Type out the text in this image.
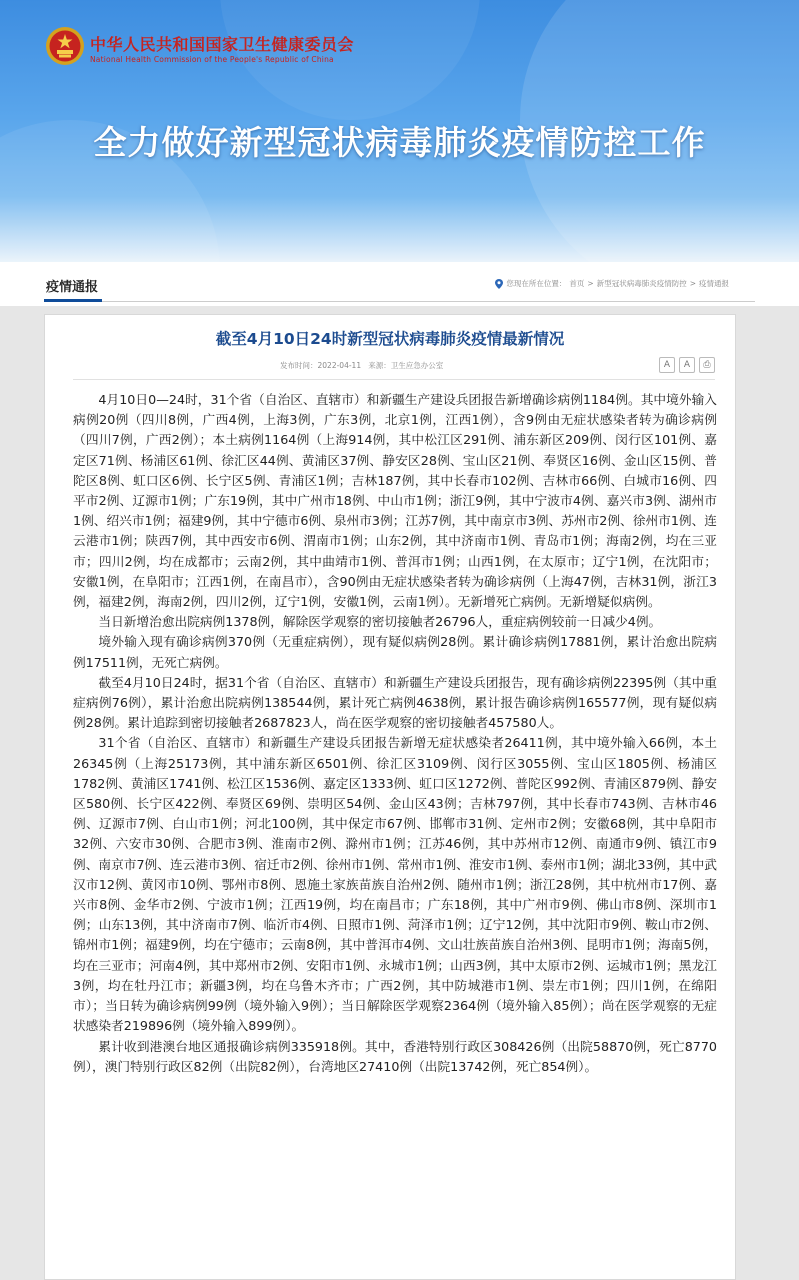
中华人民共和国国家卫生健康委员会
National Health Commission of the People's Republic of China
全力做好新型冠状病毒肺炎疫情防控工作
疫情通报	您现在所在位置： 首页 > 新型冠状病毒肺炎疫情防控 > 疫情通报
截至4月10日24时新型冠状病毒肺炎疫情最新情况
发布时间：2022-04-11 来源：卫生应急办公室	A	A	⎙

4月10日0—24时，31个省（自治区、直辖市）和新疆生产建设兵团报告新增确诊病例1184例。其中境外输入病例20例（四川8例，广西4例，上海3例，广东3例，北京1例，江西1例），含9例由无症状感染者转为确诊病例（四川7例，广西2例）；本土病例1164例（上海914例，其中松江区291例、浦东新区209例、闵行区101例、嘉定区71例、杨浦区61例、徐汇区44例、黄浦区37例、静安区28例、宝山区21例、奉贤区16例、金山区15例、普陀区8例、虹口区6例、长宁区5例、青浦区1例；吉林187例，其中长春市102例、吉林市66例、白城市16例、四平市2例、辽源市1例；广东19例，其中广州市18例、中山市1例；浙江9例，其中宁波市4例、嘉兴市3例、湖州市1例、绍兴市1例；福建9例，其中宁德市6例、泉州市3例；江苏7例，其中南京市3例、苏州市2例、徐州市1例、连云港市1例；陕西7例，其中西安市6例、渭南市1例；山东2例，其中济南市1例、青岛市1例；海南2例，均在三亚市；四川2例，均在成都市；云南2例，其中曲靖市1例、普洱市1例；山西1例，在太原市；辽宁1例，在沈阳市；安徽1例，在阜阳市；江西1例，在南昌市），含90例由无症状感染者转为确诊病例（上海47例，吉林31例，浙江3例，福建2例，海南2例，四川2例，辽宁1例，安徽1例，云南1例）。无新增死亡病例。无新增疑似病例。

当日新增治愈出院病例1378例，解除医学观察的密切接触者26796人，重症病例较前一日减少4例。

境外输入现有确诊病例370例（无重症病例），现有疑似病例28例。累计确诊病例17881例，累计治愈出院病例17511例，无死亡病例。

截至4月10日24时，据31个省（自治区、直辖市）和新疆生产建设兵团报告，现有确诊病例22395例（其中重症病例76例），累计治愈出院病例138544例，累计死亡病例4638例，累计报告确诊病例165577例，现有疑似病例28例。累计追踪到密切接触者2687823人，尚在医学观察的密切接触者457580人。

31个省（自治区、直辖市）和新疆生产建设兵团报告新增无症状感染者26411例，其中境外输入66例，本土26345例（上海25173例，其中浦东新区6501例、徐汇区3109例、闵行区3055例、宝山区1805例、杨浦区1782例、黄浦区1741例、松江区1536例、嘉定区1333例、虹口区1272例、普陀区992例、青浦区879例、静安区580例、长宁区422例、奉贤区69例、崇明区54例、金山区43例；吉林797例，其中长春市743例、吉林市46例、辽源市7例、白山市1例；河北100例，其中保定市67例、邯郸市31例、定州市2例；安徽68例，其中阜阳市32例、六安市30例、合肥市3例、淮南市2例、滁州市1例；江苏46例，其中苏州市12例、南通市9例、镇江市9例、南京市7例、连云港市3例、宿迁市2例、徐州市1例、常州市1例、淮安市1例、泰州市1例；湖北33例，其中武汉市12例、黄冈市10例、鄂州市8例、恩施土家族苗族自治州2例、随州市1例；浙江28例，其中杭州市17例、嘉兴市8例、金华市2例、宁波市1例；江西19例，均在南昌市；广东18例，其中广州市9例、佛山市8例、深圳市1例；山东13例，其中济南市7例、临沂市4例、日照市1例、菏泽市1例；辽宁12例，其中沈阳市9例、鞍山市2例、锦州市1例；福建9例，均在宁德市；云南8例，其中普洱市4例、文山壮族苗族自治州3例、昆明市1例；海南5例，均在三亚市；河南4例，其中郑州市2例、安阳市1例、永城市1例；山西3例，其中太原市2例、运城市1例；黑龙江3例，均在牡丹江市；新疆3例，均在乌鲁木齐市；广西2例，其中防城港市1例、崇左市1例；四川1例，在绵阳市）；当日转为确诊病例99例（境外输入9例）；当日解除医学观察2364例（境外输入85例）；尚在医学观察的无症状感染者219896例（境外输入899例）。

累计收到港澳台地区通报确诊病例335918例。其中，香港特别行政区308426例（出院58870例，死亡8770例），澳门特别行政区82例（出院82例），台湾地区27410例（出院13742例，死亡854例）。
